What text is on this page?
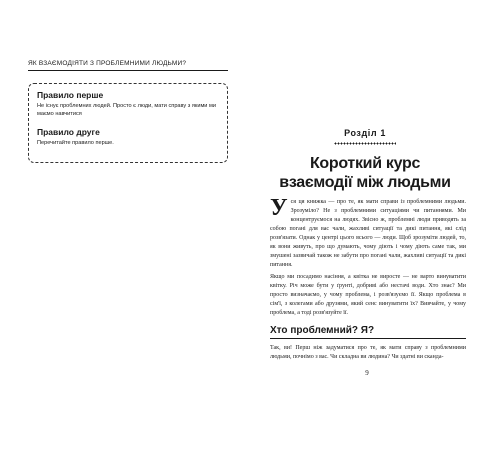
ЯК ВЗАЄМОДІЯТИ З ПРОБЛЕМНИМИ ЛЮДЬМИ?
Правило перше
Не існує проблемних людей. Просто є люди, мати справу з якими ми маємо навчитися
Правило друге
Перечитайте правило перше.
Розділ 1
Короткий курс
взаємодії між людьми

Уся ця книжка — про те, як мати справи із проблемними людьми. Зрозуміло? Не з проблемними ситуаціями чи питаннями. Ми концентруємося на людях. Звісно ж, проблемні люди приводять за собою погані для вас чали, жахливі ситуації та дикі питання, які слід розв'язати. Однак у центрі цього всього — люди. Щоб зрозуміти людей, то, як вони живуть, про що думають, чому діють і чому діють саме так, ми змушені зазвичай також не забути про погані чали, жахливі ситуації та дикі питання.

Якщо ми посадимо насіння, а квітка не виросте — не варто винуватити квітку. Річ може бути у ґрунті, добриві або нестачі води. Хто знає? Ми просто визначаємо, у чому проблема, і розв'язуємо її. Якщо проблема в сім'ї, з колегами або друзями, який сенс винуватити їх? Вивчайте, у чому проблема, а тоді розв'язуйте її.

Хто проблемний? Я?

Так, ви! Перш ніж задуматися про те, як мати справу з проблемними людьми, почнімо з вас. Чи складна ви людина? Чи здатні ви сканда-

9
